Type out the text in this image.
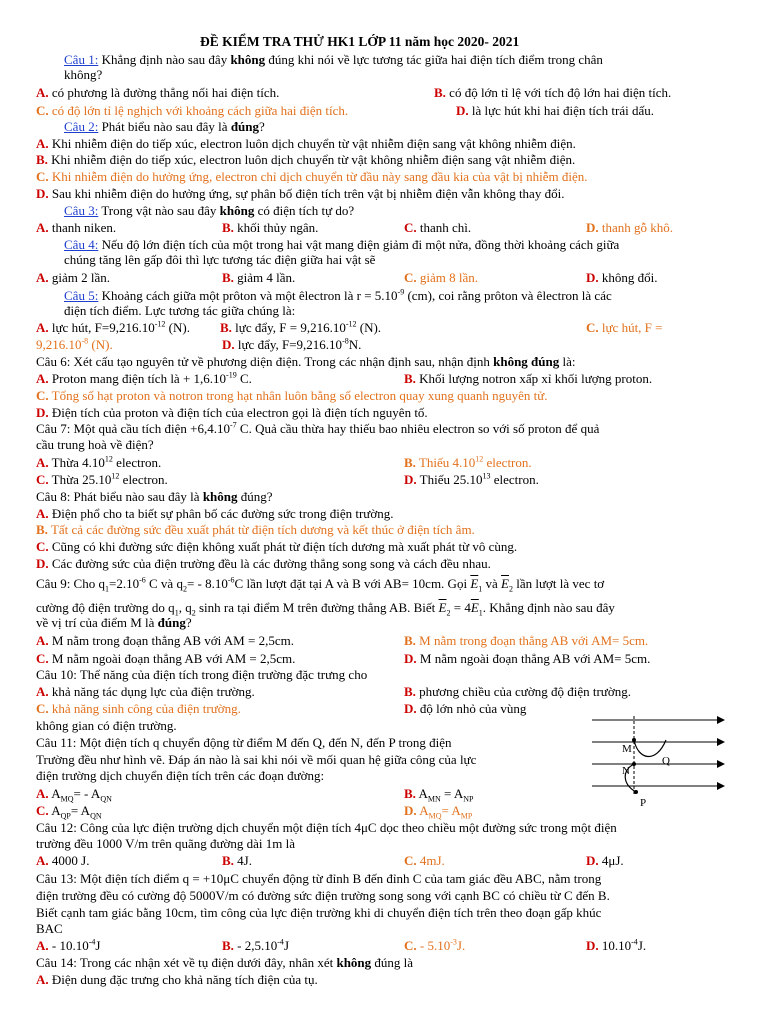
ĐỀ KIỂM TRA THỬ HK1 LỚP 11 năm học 2020- 2021
Câu 1: Khẳng định nào sau đây không đúng khi nói về lực tương tác giữa hai điện tích điểm trong chân
không?
A. có phương là đường thẳng nối hai điện tích.	B. có độ lớn tỉ lệ với tích độ lớn hai điện tích.
C. có độ lớn tỉ lệ nghịch với khoảng cách giữa hai điện tích.	D. là lực hút khi hai điện tích trái dấu.
Câu 2: Phát biểu nào sau đây là đúng?
A. Khi nhiễm điện do tiếp xúc, electron luôn dịch chuyển từ vật nhiễm điện sang vật không nhiễm điện.
B. Khi nhiễm điện do tiếp xúc, electron luôn dịch chuyển từ vật không nhiễm điện sang vật nhiễm điện.
C. Khi nhiễm điện do hưởng ứng, electron chỉ dịch chuyển từ đầu này sang đầu kia của vật bị nhiễm điện.
D. Sau khi nhiễm điện do hưởng ứng, sự phân bố điện tích trên vật bị nhiễm điện vẫn không thay đổi.
Câu 3: Trong vật nào sau đây không có điện tích tự do?
A. thanh niken.	B. khối thủy ngân.	C. thanh chì.	D. thanh gỗ khô.
Câu 4: Nếu độ lớn điện tích của một trong hai vật mang điện giảm đi một nửa, đồng thời khoảng cách giữa
chúng tăng lên gấp đôi thì lực tương tác điện giữa hai vật sẽ
A. giảm 2 lần.	B. giảm 4 lần.	C. giảm 8 lần.	D. không đổi.
Câu 5: Khoảng cách giữa một prôton và một êlectron là $r = 5.10^{-9}$ (cm), coi rằng prôton và êlectron là các
điện tích điểm. Lực tương tác giữa chúng là:
A. lực hút, $F=9,216.10^{-12}$ (N). B. lực đẩy, $F = 9,216.10^{-12}$ (N).	C. lực hút, F =
$9,216.10^{-8}$ (N).	D. lực đẩy, $F=9,216.10^{-8}N$.
Câu 6: Xét cấu tạo nguyên tử về phương diện điện. Trong các nhận định sau, nhận định không đúng là:
A. Proton mang điện tích là + $1,6.10^{-19}$ C.	B. Khối lượng notron xấp xỉ khối lượng proton.
C. Tổng số hạt proton và notron trong hạt nhân luôn bằng số electron quay xung quanh nguyên tử.
D. Điện tích của proton và điện tích của electron gọi là điện tích nguyên tố.
Câu 7: Một quả cầu tích điện $+6,4.10^{-7}$ C. Quả cầu thừa hay thiếu bao nhiêu electron so với số proton để quả
cầu trung hoà về điện?
A. Thừa 4.10$^{12}$ electron.	B. Thiếu 4.10$^{12}$ electron.
C. Thừa 25.10$^{12}$ electron.	D. Thiếu 25.10$^{13}$ electron.
Câu 8: Phát biểu nào sau đây là không đúng?
A. Điện phổ cho ta biết sự phân bố các đường sức trong điện trường.
B. Tất cả các đường sức đều xuất phát từ điện tích dương và kết thúc ở điện tích âm.
C. Cũng có khi đường sức điện không xuất phát từ điện tích dương mà xuất phát từ vô cùng.
D. Các đường sức của điện trường đều là các đường thẳng song song và cách đều nhau.
Câu 9: Cho $q_1=2.10^{-6}$ C và $q_2= - 8.10^{-6}C$ lần lượt đặt tại A và B với AB= 10cm. Gọi $\overline{E}_1$ và $\overline{E}_2$ lần lượt là vec tơ
cường độ điện trường do $q_1$, $q_2$ sinh ra tại điểm M trên đường thẳng AB. Biết $\overline{E}_2 = 4\overline{E}_1$. Khẳng định nào sau đây
về vị trí của điểm M là đúng?
A. M nằm trong đoạn thẳng AB với AM = 2,5cm.	B. M nằm trong đoạn thẳng AB với AM= 5cm.
C. M nằm ngoài đoạn thẳng AB với AM = 2,5cm.	D. M nằm ngoài đoạn thẳng AB với AM= 5cm.
Câu 10: Thế năng của điện tích trong điện trường đặc trưng cho
A. khả năng tác dụng lực của điện trường.	B. phương chiều của cường độ điện trường.
C. khả năng sinh công của điện trường.	D. độ lớn nhỏ của vùng
không gian có điện trường.
Câu 11: Một điện tích q chuyển động từ điểm M đến Q, đến N, đến P trong điện
Trường đều như hình vẽ. Đáp án nào là sai khi nói về mối quan hệ giữa công của lực
điện trường dịch chuyển điện tích trên các đoạn đường:
A. $A_{MQ}= - A_{QN}$	B. $A_{MN} = A_{NP}$
C. $A_{QP}= A_{QN}$	D. $A_{MQ}= A_{MP}$
M
Q
N
P
Câu 12: Công của lực điện trường dịch chuyển một điện tích 4μC dọc theo chiều một đường sức trong một điện
trường đều 1000 V/m trên quãng đường dài 1m là
A. 4000 J.	B. 4J.	C. 4mJ.	D. 4μJ.
Câu 13: Một điện tích điểm q = +10μC chuyển động từ đỉnh B đến đỉnh C của tam giác đều ABC, nằm trong
điện trường đều có cường độ 5000V/m có đường sức điện trường song song với cạnh BC có chiều từ C đến B.
Biết cạnh tam giác bằng 10cm, tìm công của lực điện trường khi di chuyển điện tích trên theo đoạn gấp khúc
BAC
A. - $10.10^{-4}J$	B. - $2,5.10^{-4}J$	C. - $5.10^{-3}J$.	D. $10.10^{-4}J$.
Câu 14: Trong các nhận xét về tụ điện dưới đây, nhân xét không đúng là
A. Điện dung đặc trưng cho khả năng tích điện của tụ.
